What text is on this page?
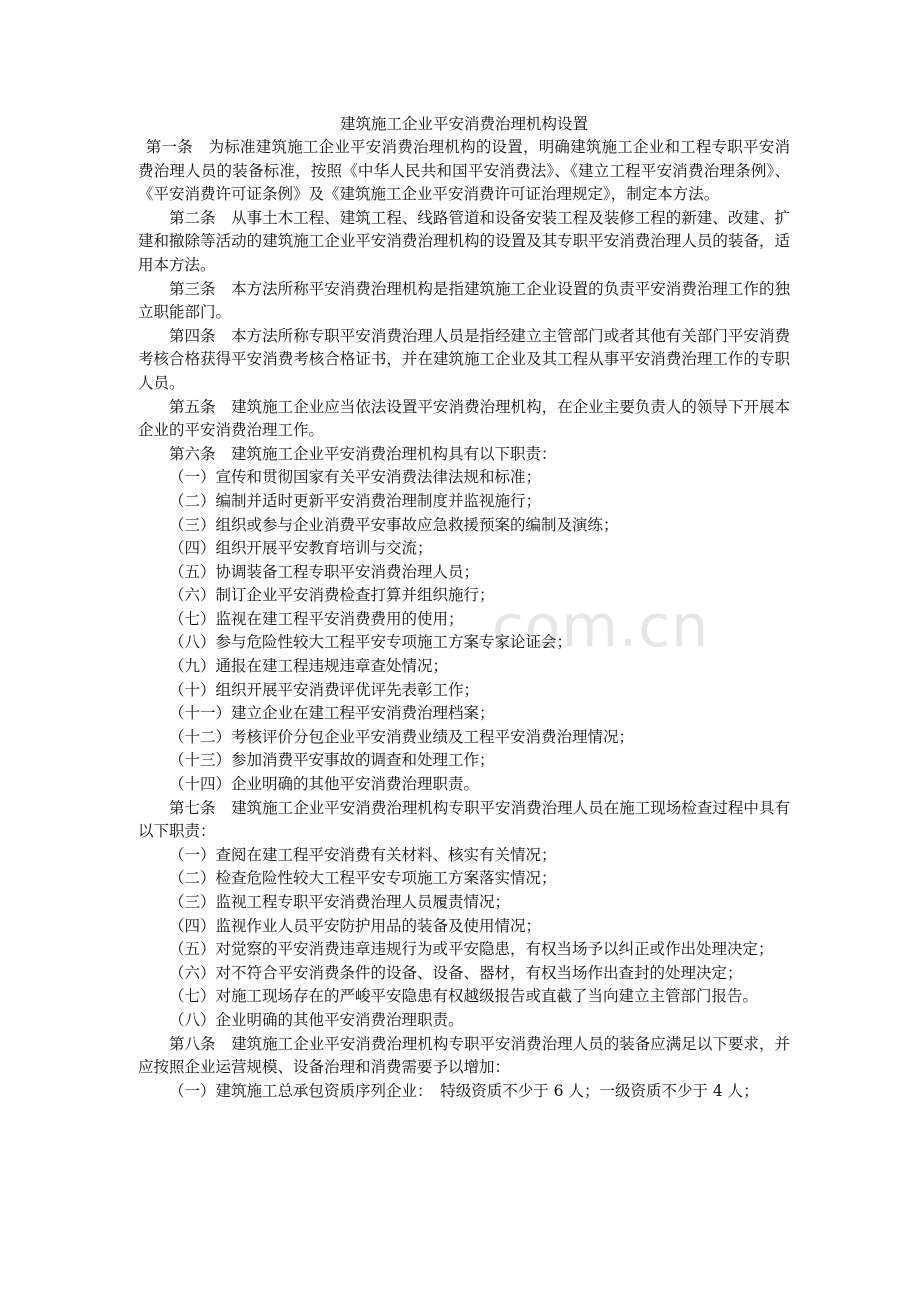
com.cn

建筑施工企业平安消费治理机构设置

第一条　为标准建筑施工企业平安消费治理机构的设置，明确建筑施工企业和工程专职平安消费治理人员的装备标准，按照《中华人民共和国平安消费法》、《建立工程平安消费治理条例》、《平安消费许可证条例》及《建筑施工企业平安消费许可证治理规定》，制定本方法。

第二条　从事土木工程、建筑工程、线路管道和设备安装工程及装修工程的新建、改建、扩建和撤除等活动的建筑施工企业平安消费治理机构的设置及其专职平安消费治理人员的装备，适用本方法。

第三条　本方法所称平安消费治理机构是指建筑施工企业设置的负责平安消费治理工作的独立职能部门。

第四条　本方法所称专职平安消费治理人员是指经建立主管部门或者其他有关部门平安消费考核合格获得平安消费考核合格证书，并在建筑施工企业及其工程从事平安消费治理工作的专职人员。

第五条　建筑施工企业应当依法设置平安消费治理机构，在企业主要负责人的领导下开展本企业的平安消费治理工作。

第六条　建筑施工企业平安消费治理机构具有以下职责：

（一）宣传和贯彻国家有关平安消费法律法规和标准；

（二）编制并适时更新平安消费治理制度并监视施行；

（三）组织或参与企业消费平安事故应急救援预案的编制及演练；

（四）组织开展平安教育培训与交流；

（五）协调装备工程专职平安消费治理人员；

（六）制订企业平安消费检查打算并组织施行；

（七）监视在建工程平安消费费用的使用；

（八）参与危险性较大工程平安专项施工方案专家论证会；

（九）通报在建工程违规违章查处情况；

（十）组织开展平安消费评优评先表彰工作；

（十一）建立企业在建工程平安消费治理档案；

（十二）考核评价分包企业平安消费业绩及工程平安消费治理情况；

（十三）参加消费平安事故的调查和处理工作；

（十四）企业明确的其他平安消费治理职责。

第七条　建筑施工企业平安消费治理机构专职平安消费治理人员在施工现场检查过程中具有以下职责：

（一）查阅在建工程平安消费有关材料、核实有关情况；

（二）检查危险性较大工程平安专项施工方案落实情况；

（三）监视工程专职平安消费治理人员履责情况；

（四）监视作业人员平安防护用品的装备及使用情况；

（五）对觉察的平安消费违章违规行为或平安隐患，有权当场予以纠正或作出处理决定；

（六）对不符合平安消费条件的设备、设备、器材，有权当场作出查封的处理决定；

（七）对施工现场存在的严峻平安隐患有权越级报告或直截了当向建立主管部门报告。

（八）企业明确的其他平安消费治理职责。

第八条　建筑施工企业平安消费治理机构专职平安消费治理人员的装备应满足以下要求，并应按照企业运营规模、设备治理和消费需要予以增加：

（一）建筑施工总承包资质序列企业：　特级资质不少于 6 人；一级资质不少于 4 人；
